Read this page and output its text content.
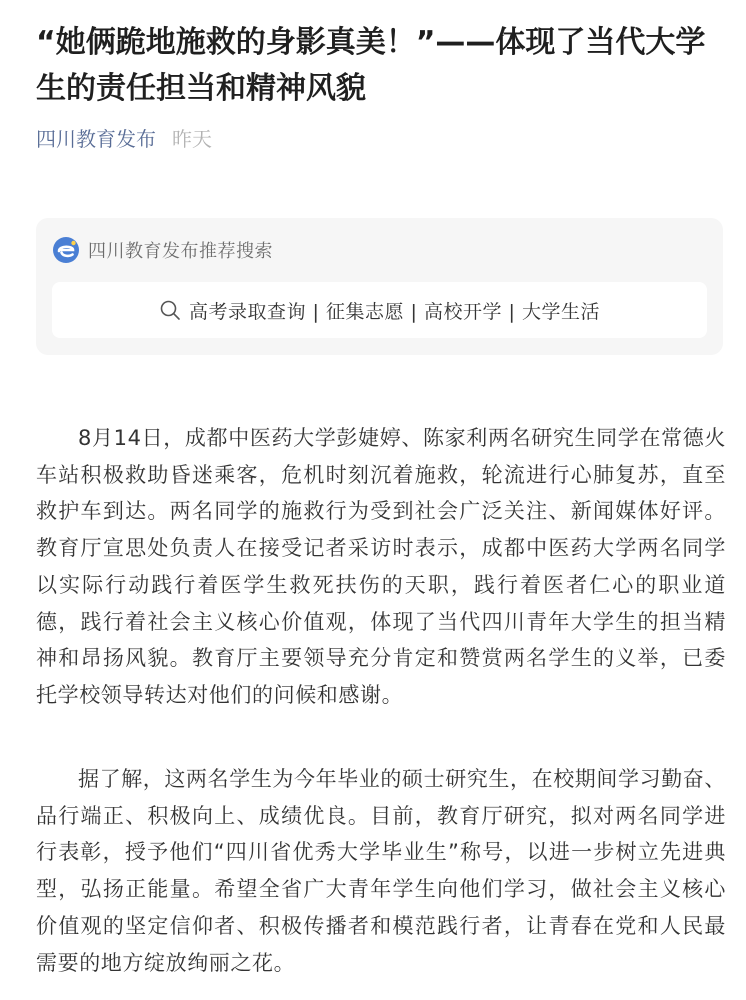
“她俩跪地施救的身影真美！”——体现了当代大学生的责任担当和精神风貌
四川教育发布 昨天
四川教育发布推荐搜索
高考录取查询 | 征集志愿 | 高校开学 | 大学生活

8月14日，成都中医药大学彭婕婷、陈家利两名研究生同学在常德火车站积极救助昏迷乘客，危机时刻沉着施救，轮流进行心肺复苏，直至救护车到达。两名同学的施救行为受到社会广泛关注、新闻媒体好评。教育厅宣思处负责人在接受记者采访时表示，成都中医药大学两名同学以实际行动践行着医学生救死扶伤的天职，践行着医者仁心的职业道德，践行着社会主义核心价值观，体现了当代四川青年大学生的担当精神和昂扬风貌。教育厅主要领导充分肯定和赞赏两名学生的义举，已委托学校领导转达对他们的问候和感谢。

据了解，这两名学生为今年毕业的硕士研究生，在校期间学习勤奋、品行端正、积极向上、成绩优良。目前，教育厅研究，拟对两名同学进行表彰，授予他们“四川省优秀大学毕业生”称号，以进一步树立先进典型，弘扬正能量。希望全省广大青年学生向他们学习，做社会主义核心价值观的坚定信仰者、积极传播者和模范践行者，让青春在党和人民最需要的地方绽放绚丽之花。
